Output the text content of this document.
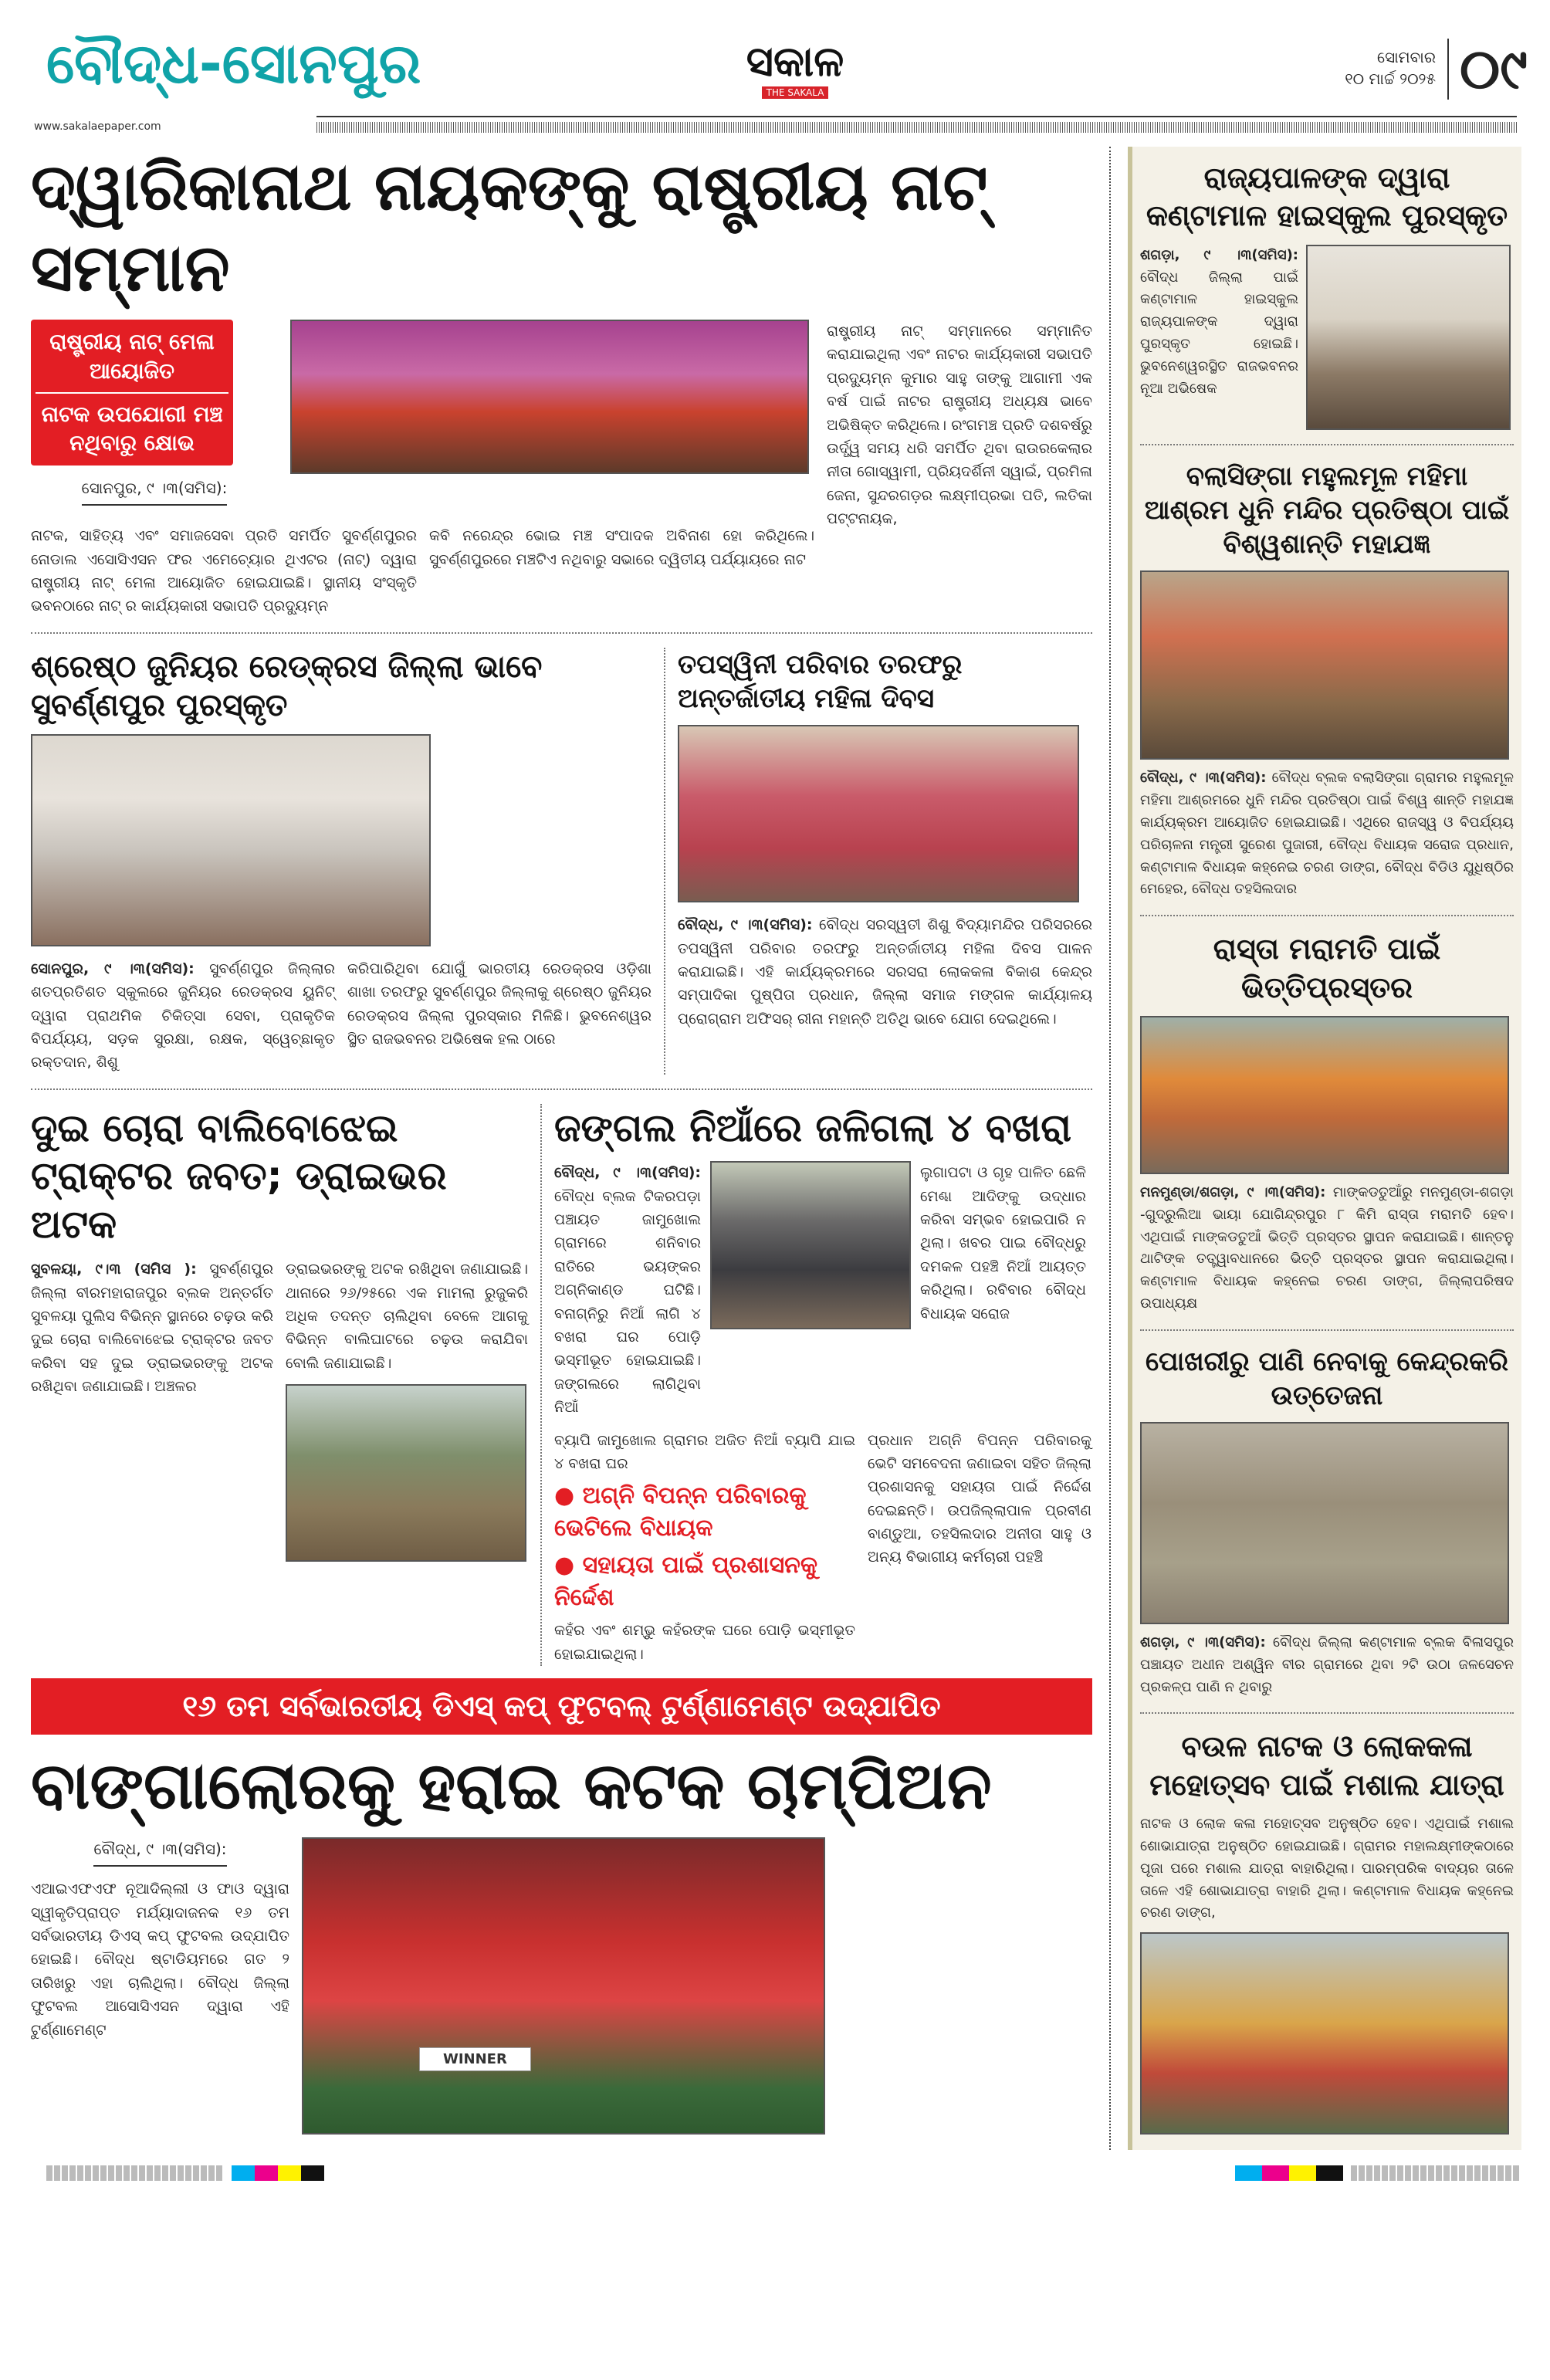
ବୌଦ୍ଧ-ସୋନପୁର	ସକାଳ
THE SAKALA
ସୋମବାର
୧୦ ମାର୍ଚ୍ଚ ୨୦୨୫ ୦୯
www.sakalaepaper.com
ଦ୍ୱାରିକାନାଥ ନାୟକଙ୍କୁ ରାଷ୍ଟ୍ରୀୟ ନାଟ୍ ସମ୍ମାନ
ରାଷ୍ଟ୍ରୀୟ ନାଟ୍ ମେଳା ଆୟୋଜିତ
ନାଟକ ଉପଯୋଗୀ ମଞ୍ଚ ନଥିବାରୁ କ୍ଷୋଭ
ସୋନପୁର, ୯ ।୩(ସମିସ):
ନାଟକ, ସାହିତ୍ୟ ଏବଂ ସମାଜସେବା ପ୍ରତି ସମର୍ପିତ ସୁବର୍ଣ୍ଣପୁରର ନୋଡାଲ ଏସୋସିଏସନ ଫର ଏମେଚ୍ୟୋର ଥିଏଟର (ନାଟ୍) ଦ୍ୱାରା ରାଷ୍ଟ୍ରୀୟ ନାଟ୍ ମେଳା ଆୟୋଜିତ ହୋଇଯାଇଛି। ସ୍ଥାନୀୟ ସଂସ୍କୃତି ଭବନଠାରେ ନାଟ୍ ର କାର୍ଯ୍ୟକାରୀ ସଭାପତି ପ୍ରଦ୍ୟୁମ୍ନ
କବି ନରେନ୍ଦ୍ର ଭୋଇ ମଞ୍ଚ ସଂପାଦକ ଅବିନାଶ ହୋ କରିଥିଲେ। ସୁବର୍ଣ୍ଣପୁରରେ ମଞ୍ଚଟିଏ ନଥିବାରୁ ସଭାରେ ଦ୍ୱିତୀୟ ପର୍ଯ୍ୟାୟରେ ନାଟ
ରାଷ୍ଟ୍ରୀୟ ନାଟ୍ ସମ୍ମାନରେ ସମ୍ମାନିତ କରାଯାଇଥିଲା ଏବଂ ନାଟର କାର୍ଯ୍ୟକାରୀ ସଭାପତି ପ୍ରଦ୍ୟୁମ୍ନ କୁମାର ସାହୁ ତାଙ୍କୁ ଆଗାମୀ ଏକ ବର୍ଷ ପାଇଁ ନାଟର ରାଷ୍ଟ୍ରୀୟ ଅଧ୍ୟକ୍ଷ ଭାବେ ଅଭିଷିକ୍ତ କରିଥିଲେ। ରଂଗମଞ୍ଚ ପ୍ରତି ଦଶବର୍ଷରୁ ଉର୍ଦ୍ଧ୍ୱ ସମୟ ଧରି ସମର୍ପିତ ଥିବା ରାଉରକେଲାର ନୀତା ଗୋସ୍ୱାମୀ, ପ୍ରିୟଦର୍ଶିନୀ ସ୍ୱାଇଁ, ପ୍ରମିଳା ଜେନା, ସୁନ୍ଦରଗଡ଼ର ଲକ୍ଷ୍ମୀପ୍ରଭା ପତି, ଲତିକା ପଟ୍ଟନାୟକ,
ଶ୍ରେଷ୍ଠ ଜୁନିୟର ରେଡ୍‌କ୍ରସ ଜିଲ୍ଲା ଭାବେ ସୁବର୍ଣ୍ଣପୁର ପୁରସ୍କୃତ
ସୋନପୁର, ୯ ।୩(ସମିସ): ସୁବର୍ଣ୍ଣପୁର ଜିଲ୍ଲାର ଶତପ୍ରତିଶତ ସ୍କୁଲରେ ଜୁନିୟର ରେଡକ୍ରସ ୟୁନିଟ୍ ଦ୍ୱାରା ପ୍ରାଥମିକ ଚିକିତ୍ସା ସେବା, ପ୍ରାକୃତିକ ବିପର୍ଯ୍ୟୟ, ସଡ଼କ ସୁରକ୍ଷା, ରକ୍ଷକ, ସ୍ୱେଚ୍ଛାକୃତ ରକ୍ତଦାନ, ଶିଶୁ
କରିପାରିଥିବା ଯୋଗୁଁ ଭାରତୀୟ ରେଡକ୍ରସ ଓଡ଼ିଶା ଶାଖା ତରଫରୁ ସୁବର୍ଣ୍ଣପୁର ଜିଲ୍ଲାକୁ ଶ୍ରେଷ୍ଠ ଜୁନିୟର ରେଡକ୍ରସ ଜିଲ୍ଲା ପୁରସ୍କାର ମିଳିଛି। ଭୁବନେଶ୍ୱର ସ୍ଥିତ ରାଜଭବନର ଅଭିଷେକ ହଲ ଠାରେ
ତପସ୍ୱିନୀ ପରିବାର ତରଫରୁ ଅନ୍ତର୍ଜାତୀୟ ମହିଳା ଦିବସ
ବୌଦ୍ଧ, ୯ ।୩(ସମିସ): ବୌଦ୍ଧ ସରସ୍ୱତୀ ଶିଶୁ ବିଦ୍ୟାମନ୍ଦିର ପରିସରରେ ତପସ୍ୱିନୀ ପରିବାର ତରଫରୁ ଅନ୍ତର୍ଜାତୀୟ ମହିଳା ଦିବସ ପାଳନ କରାଯାଇଛି। ଏହି କାର୍ଯ୍ୟକ୍ରମରେ ସରସରା ଲୋକକଳା ବିକାଶ କେନ୍ଦ୍ର ସମ୍ପାଦିକା ପୁଷ୍ପିତା ପ୍ରଧାନ, ଜିଲ୍ଲା ସମାଜ ମଙ୍ଗଳ କାର୍ଯ୍ୟାଳୟ ପ୍ରୋଗ୍ରାମ ଅଫିସର୍ ରୀନା ମହାନ୍ତି ଅତିଥି ଭାବେ ଯୋଗ ଦେଇଥିଲେ।
ଦୁଇ ଚୋରା ବାଲିବୋଝେଇ ଟ୍ରାକ୍ଟର ଜବତ; ଡ୍ରାଇଭର ଅଟକ
ସୁବଳୟା, ୯।୩ (ସମିସ ): ସୁବର୍ଣ୍ଣପୁର ଜିଲ୍ଲା ବୀରମହାରାଜପୁର ବ୍ଲକ ଅନ୍ତର୍ଗତ ସୁବଳୟା ପୁଲିସ ବିଭିନ୍ନ ସ୍ଥାନରେ ଚଢ଼ଉ କରି ଦୁଇ ଚୋରା ବାଲିବୋଝେଇ ଟ୍ରାକ୍ଟର ଜବତ କରିବା ସହ ଦୁଇ ଡ୍ରାଇଭରଙ୍କୁ ଅଟକ ରଖିଥିବା ଜଣାଯାଇଛି। ଅଞ୍ଚଳର
ଡ୍ରାଇଭରଙ୍କୁ ଅଟକ ରଖିଥିବା ଜଣାଯାଇଛି। ଥାନାରେ ୨୬/୨୫ରେ ଏକ ମାମଲା ରୁଜୁକରି ଅଧିକ ତଦନ୍ତ ଚାଲିଥିବା ବେଳେ ଆଗକୁ ବିଭିନ୍ନ ବାଲିଘାଟରେ ଚଢ଼ଉ କରାଯିବା ବୋଲି ଜଣାଯାଇଛି।
ଜଙ୍ଗଲ ନିଆଁରେ ଜଳିଗଲା ୪ ବଖରା
ବୌଦ୍ଧ, ୯ ।୩(ସମିସ): ବୌଦ୍ଧ ବ୍ଲକ ଟିକରପଡ଼ା ପଞ୍ଚାୟତ ଜାମୁଖୋଲ ଗ୍ରାମରେ ଶନିବାର ରାତିରେ ଭୟଙ୍କର ଅଗ୍ନିକାଣ୍ଡ ଘଟିଛି। ବନାଗ୍ନିରୁ ନିଆଁ ଲାଗି ୪ ବଖରା ଘର ପୋଡ଼ି ଭସ୍ମୀଭୂତ ହୋଇଯାଇଛି। ଜଙ୍ଗଲରେ ଲାଗିଥିବା ନିଆଁ
ଲୁଗାପଟା ଓ ଗୃହ ପାଳିତ ଛେଳି ମେଣ୍ଢା ଆଦିଙ୍କୁ ଉଦ୍ଧାର କରିବା ସମ୍ଭବ ହୋଇପାରି ନ ଥିଲା। ଖବର ପାଇ ବୌଦ୍ଧରୁ ଦମକଳ ପହଞ୍ଚି ନିଆଁ ଆୟତ୍ତ କରିଥିଲା। ରବିବାର ବୌଦ୍ଧ ବିଧାୟକ ସରୋଜ
ବ୍ୟାପି ଜାମୁଖୋଲ ଗ୍ରାମର ଅଜିତ ନିଆଁ ବ୍ୟାପି ଯାଇ ୪ ବଖରା ଘର
● ଅଗ୍ନି ବିପନ୍ନ ପରିବାରକୁ ଭେଟିଲେ ବିଧାୟକ
● ସହାୟତା ପାଇଁ ପ୍ରଶାସନକୁ ନିର୍ଦ୍ଦେଶ
କହଁର ଏବଂ ଶମ୍ଭୁ କହଁରଙ୍କ ଘରେ ପୋଡ଼ି ଭସ୍ମୀଭୂତ ହୋଇଯାଇଥିଲା।
ପ୍ରଧାନ ଅଗ୍ନି ବିପନ୍ନ ପରିବାରକୁ ଭେଟି ସମବେଦନା ଜଣାଇବା ସହିତ ଜିଲ୍ଲା ପ୍ରଶାସନକୁ ସହାୟତା ପାଇଁ ନିର୍ଦ୍ଦେଶ ଦେଇଛନ୍ତି। ଉପଜିଲ୍ଲାପାଳ ପ୍ରବୀଣ ବାଣ୍ଡୁଆ, ତହସିଲଦାର ଅନୀତା ସାହୁ ଓ ଅନ୍ୟ ବିଭାଗୀୟ କର୍ମଚାରୀ ପହଞ୍ଚି
୧୬ ତମ ସର୍ବଭାରତୀୟ ଡିଏସ୍ କପ୍ ଫୁଟବଲ୍ ଟୁର୍ଣ୍ଣାମେଣ୍ଟ ଉଦ୍‌ଯାପିତ
ବାଙ୍ଗାଲୋରକୁ ହରାଇ କଟକ ଚାମ୍ପିଅନ
ବୌଦ୍ଧ, ୯ ।୩(ସମିସ):
ଏଆଇଏଫଏଫ ନୂଆଦିଲ୍ଲୀ ଓ ଫାଓ ଦ୍ୱାରା ସ୍ୱୀକୃତିପ୍ରାପ୍ତ ମର୍ଯ୍ୟାଦାଜନକ ୧୬ ତମ ସର୍ବଭାରତୀୟ ଡିଏସ୍ କପ୍ ଫୁଟବଲ ଉଦ୍‌ଯାପିତ ହୋଇଛି। ବୌଦ୍ଧ ଷ୍ଟାଡିୟମରେ ଗତ ୨ ତାରିଖରୁ ଏହା ଚାଲିଥିଲା। ବୌଦ୍ଧ ଜିଲ୍ଲା ଫୁଟବଲ ଆସୋସିଏସନ ଦ୍ୱାରା ଏହି ଟୁର୍ଣ୍ଣାମେଣ୍ଟ
WINNER
ରାଜ୍ୟପାଳଙ୍କ ଦ୍ୱାରା କଣ୍ଟାମାଳ ହାଇସ୍କୁଲ ପୁରସ୍କୃତ
ଶଗଡ଼ା, ୯ ।୩(ସମିସ): ବୌଦ୍ଧ ଜିଲ୍ଲା ପାଇଁ କଣ୍ଟାମାଳ ହାଇସ୍କୁଲ ରାଜ୍ୟପାଳଙ୍କ ଦ୍ୱାରା ପୁରସ୍କୃତ ହୋଇଛି। ଭୁବନେଶ୍ୱରସ୍ଥିତ ରାଜଭବନର ନୂଆ ଅଭିଷେକ
ବଲାସିଙ୍ଗା ମହୁଲମୂଳ ମହିମା ଆଶ୍ରମ ଧୁନି ମନ୍ଦିର ପ୍ରତିଷ୍ଠା ପାଇଁ ବିଶ୍ୱଶାନ୍ତି ମହାଯଜ୍ଞ
ବୌଦ୍ଧ, ୯ ।୩(ସମିସ): ବୌଦ୍ଧ ବ୍ଲକ ବଲାସିଙ୍ଗା ଗ୍ରାମର ମହୁଲମୂଳ ମହିମା ଆଶ୍ରମରେ ଧୁନି ମନ୍ଦିର ପ୍ରତିଷ୍ଠା ପାଇଁ ବିଶ୍ୱ ଶାନ୍ତି ମହାଯଜ୍ଞ କାର୍ଯ୍ୟକ୍ରମ ଆୟୋଜିତ ହୋଇଯାଇଛି। ଏଥିରେ ରାଜସ୍ୱ ଓ ବିପର୍ଯ୍ୟୟ ପରିଚାଳନା ମନ୍ତ୍ରୀ ସୁରେଶ ପୁଜାରୀ, ବୌଦ୍ଧ ବିଧାୟକ ସରୋଜ ପ୍ରଧାନ, କଣ୍ଟାମାଳ ବିଧାୟକ କହ୍ନେଇ ଚରଣ ଡାଙ୍ଗ, ବୌଦ୍ଧ ବିଡିଓ ଯୁଧିଷ୍ଠିର ମେହେର, ବୌଦ୍ଧ ତହସିଲଦାର
ରାସ୍ତା ମରାମତି ପାଇଁ ଭିତ୍ତିପ୍ରସ୍ତର
ମନମୁଣ୍ଡା/ଶଗଡ଼ା, ୯ ।୩(ସମିସ): ମାଙ୍କଡତୁଆଁରୁ ମନମୁଣ୍ଡା-ଶଗଡ଼ା -ଗୁଦ୍ରୁଲିଆ ଭାୟା ଯୋଗିନ୍ଦ୍ରପୁର ୮ କିମି ରାସ୍ତା ମରାମତି ହେବ। ଏଥିପାଇଁ ମାଙ୍କଡତୁଆଁ ଭିତ୍ତି ପ୍ରସ୍ତର ସ୍ଥାପନ କରାଯାଇଛି। ଶାନ୍ତନୁ ଥାଟିଙ୍କ ତତ୍ତ୍ୱାବଧାନରେ ଭିତ୍ତି ପ୍ରସ୍ତର ସ୍ଥାପନ କରାଯାଇଥିଲା। କଣ୍ଟାମାଳ ବିଧାୟକ କହ୍ନେଇ ଚରଣ ଡାଙ୍ଗ, ଜିଲ୍ଲାପରିଷଦ ଉପାଧ୍ୟକ୍ଷ
ପୋଖରୀରୁ ପାଣି ନେବାକୁ କେନ୍ଦ୍ରକରି ଉତ୍ତେଜନା
ଶଗଡ଼ା, ୯ ।୩(ସମିସ): ବୌଦ୍ଧ ଜିଲ୍ଲା କଣ୍ଟାମାଳ ବ୍ଲକ ବିଳାସପୁର ପଞ୍ଚାୟତ ଅଧୀନ ଅଶ୍ୱିନ ବୀର ଗ୍ରାମରେ ଥିବା ୨ଟି ଉଠା ଜଳସେଚନ ପ୍ରକଳ୍ପ ପାଣି ନ ଥିବାରୁ
ବଉଳ ନାଟକ ଓ ଲୋକକଳା ମହୋତ୍ସବ ପାଇଁ ମଶାଲ ଯାତ୍ରା
ନାଟକ ଓ ଲୋକ କଳା ମହୋତ୍ସବ ଅନୁଷ୍ଠିତ ହେବ। ଏଥିପାଇଁ ମଶାଲ ଶୋଭାଯାତ୍ରା ଅନୁଷ୍ଠିତ ହୋଇଯାଇଛି। ଗ୍ରାମର ମହାଲକ୍ଷ୍ମୀଙ୍କଠାରେ ପୂଜା ପରେ ମଶାଲ ଯାତ୍ରା ବାହାରିଥିଲା। ପାରମ୍ପରିକ ବାଦ୍ୟର ତାଳେ ତାଳେ ଏହି ଶୋଭାଯାତ୍ରା ବାହାରି ଥିଲା। କଣ୍ଟାମାଳ ବିଧାୟକ କହ୍ନେଇ ଚରଣ ଡାଙ୍ଗ,
